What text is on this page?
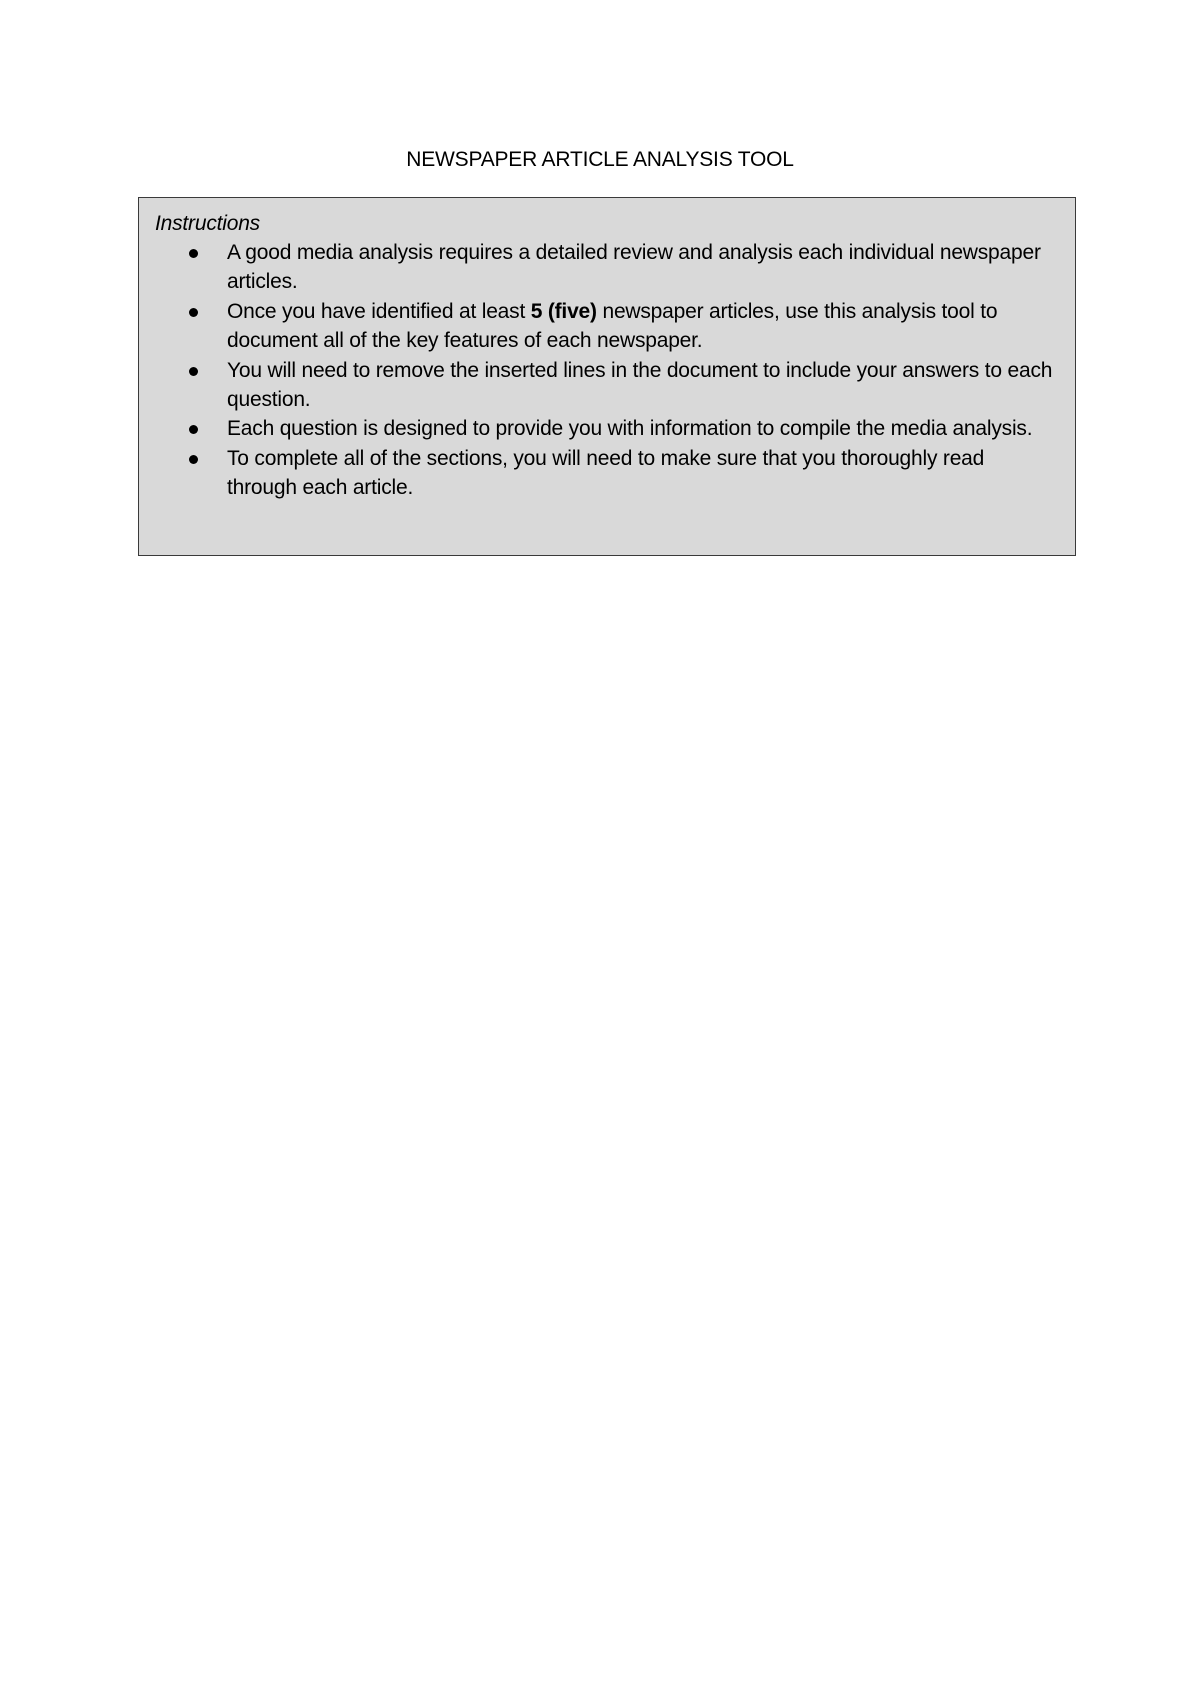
NEWSPAPER ARTICLE ANALYSIS TOOL
Instructions
A good media analysis requires a detailed review and analysis each individual newspaper articles.
Once you have identified at least 5 (five) newspaper articles, use this analysis tool to document all of the key features of each newspaper.
You will need to remove the inserted lines in the document to include your answers to each question.
Each question is designed to provide you with information to compile the media analysis.
To complete all of the sections, you will need to make sure that you thoroughly read through each article.
